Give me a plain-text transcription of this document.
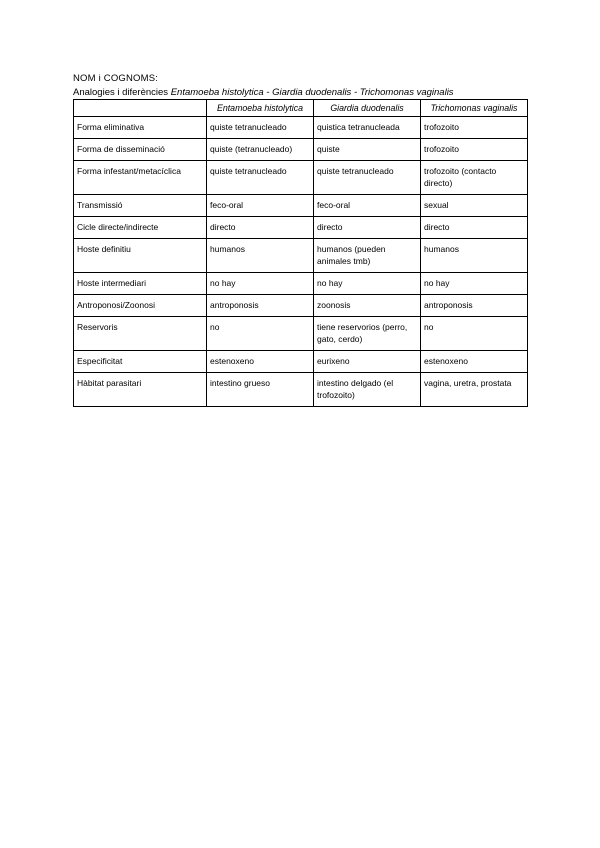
NOM i COGNOMS:
Analogies i diferències Entamoeba histolytica - Giardia duodenalis - Trichomonas vaginalis
	Entamoeba histolytica	Giardia duodenalis	Trichomonas vaginalis
Forma eliminativa	quiste tetranucleado	quistica tetranucleada	trofozoito
Forma de disseminació	quiste (tetranucleado)	quiste	trofozoito
Forma infestant/metacíclica	quiste tetranucleado	quiste tetranucleado	trofozoito (contacto directo)
Transmissió	feco-oral	feco-oral	sexual
Cicle directe/indirecte	directo	directo	directo
Hoste definitiu	humanos	humanos (pueden animales tmb)	humanos
Hoste intermediari	no hay	no hay	no hay
Antroponosi/Zoonosi	antroponosis	zoonosis	antroponosis
Reservoris	no	tiene reservorios (perro, gato, cerdo)	no
Especificitat	estenoxeno	eurixeno	estenoxeno
Hàbitat parasitari	intestino grueso	intestino delgado (el trofozoito)	vagina, uretra, prostata
